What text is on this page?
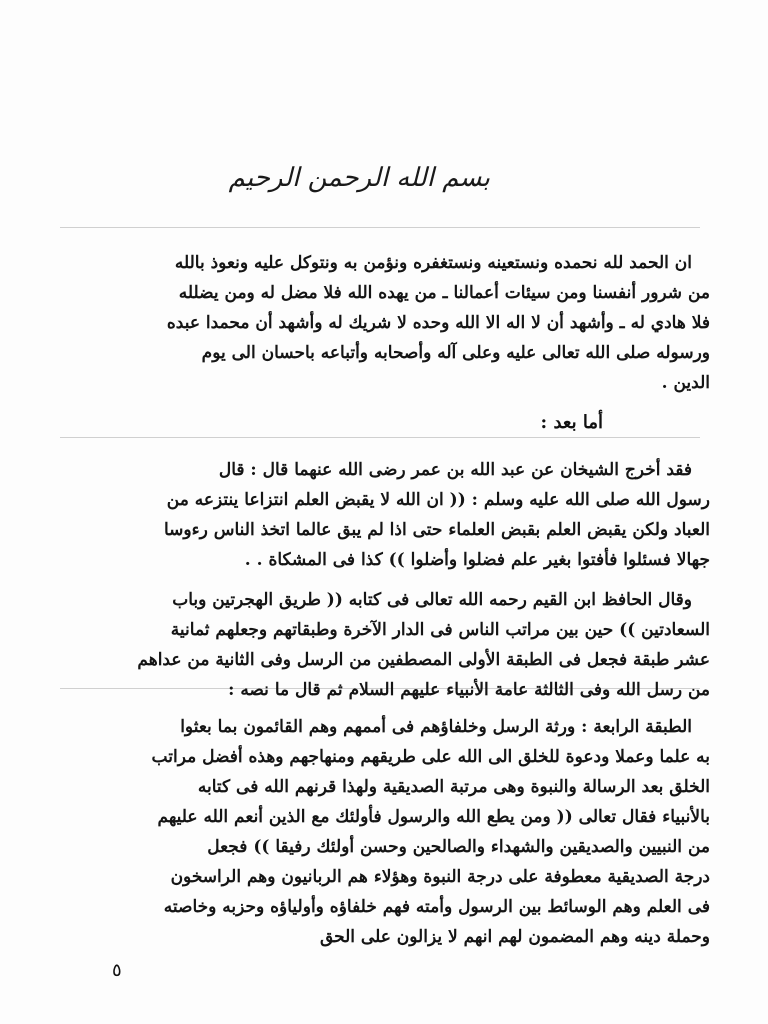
بسم الله الرحمن الرحيم
ان الحمد لله نحمده ونستعينه ونستغفره ونؤمن به ونتوكل عليه ونعوذ بالله
من شرور أنفسنا ومن سيئات أعمالنا ـ من يهده الله فلا مضل له ومن يضلله
فلا هادي له ـ وأشهد أن لا اله الا الله وحده لا شريك له وأشهد أن محمدا عبده
ورسوله صلى الله تعالى عليه وعلى آله وأصحابه وأتباعه باحسان الى يوم
الدين .
أما بعد :
فقد أخرج الشيخان عن عبد الله بن عمر رضى الله عنهما قال : قال
رسول الله صلى الله عليه وسلم : (( ان الله لا يقبض العلم انتزاعا ينتزعه من
العباد ولكن يقبض العلم بقبض العلماء حتى اذا لم يبق عالما اتخذ الناس رءوسا
جهالا فسئلوا فأفتوا بغير علم فضلوا وأضلوا )) كذا فى المشكاة . .
وقال الحافظ ابن القيم رحمه الله تعالى فى كتابه (( طريق الهجرتين وباب
السعادتين )) حين بين مراتب الناس فى الدار الآخرة وطبقاتهم وجعلهم ثمانية
عشر طبقة فجعل فى الطبقة الأولى المصطفين من الرسل وفى الثانية من عداهم
من رسل الله وفى الثالثة عامة الأنبياء عليهم السلام ثم قال ما نصه :
الطبقة الرابعة : ورثة الرسل وخلفاؤهم فى أممهم وهم القائمون بما بعثوا
به علما وعملا ودعوة للخلق الى الله على طريقهم ومنهاجهم وهذه أفضل مراتب
الخلق بعد الرسالة والنبوة وهى مرتبة الصديقية ولهذا قرنهم الله فى كتابه
بالأنبياء فقال تعالى (( ومن يطع الله والرسول فأولئك مع الذين أنعم الله عليهم
من النبيين والصديقين والشهداء والصالحين وحسن أولئك رفيقا )) فجعل
درجة الصديقية معطوفة على درجة النبوة وهؤلاء هم الربانيون وهم الراسخون
فى العلم وهم الوسائط بين الرسول وأمته فهم خلفاؤه وأولياؤه وحزبه وخاصته
وحملة دينه وهم المضمون لهم انهم لا يزالون على الحق
٥
